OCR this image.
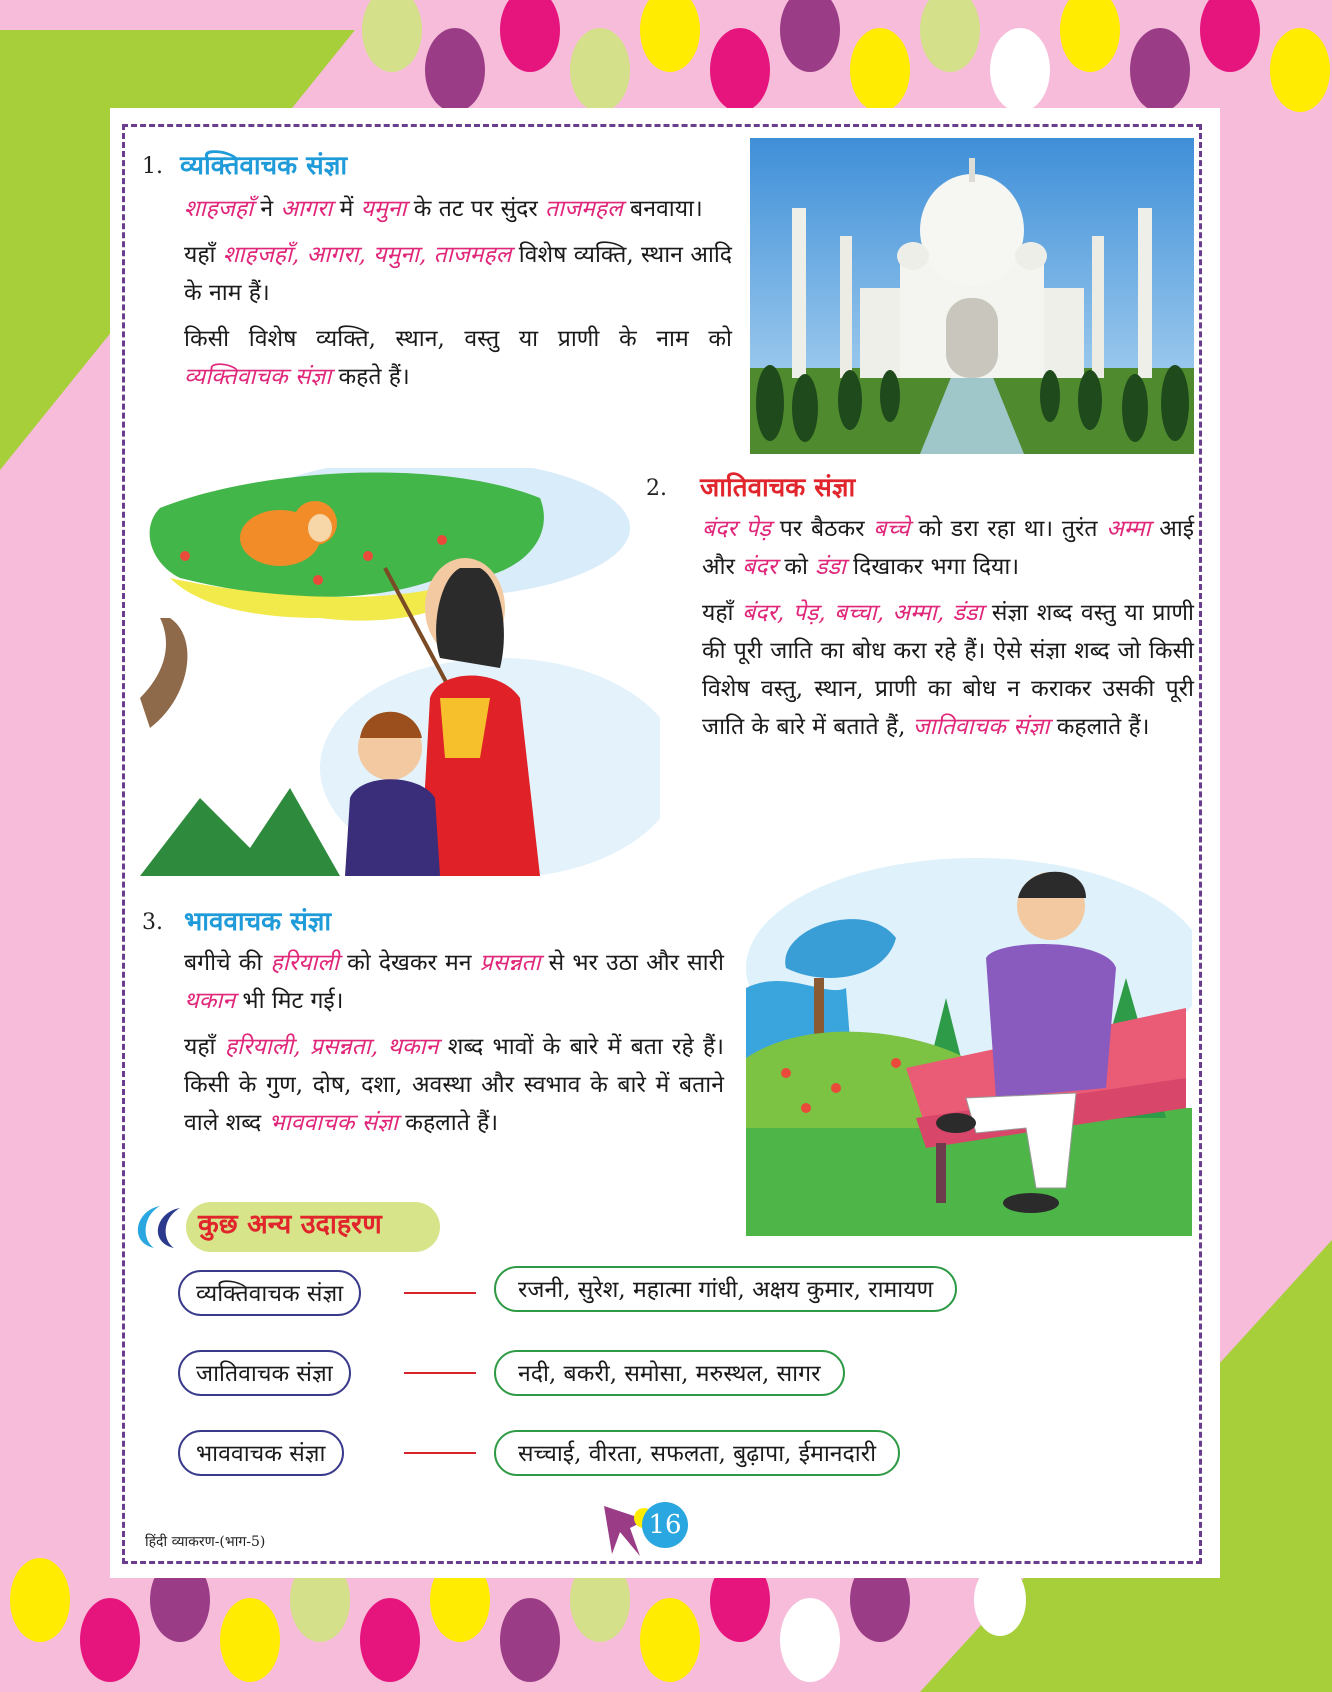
1. व्यक्तिवाचक संज्ञा

शाहजहाँ ने आगरा में यमुना के तट पर सुंदर ताजमहल बनवाया।

यहाँ शाहजहाँ, आगरा, यमुना, ताजमहल विशेष व्यक्ति, स्थान आदि के नाम हैं।

किसी विशेष व्यक्ति, स्थान, वस्तु या प्राणी के नाम को व्यक्तिवाचक संज्ञा कहते हैं।

2. जातिवाचक संज्ञा

बंदर पेड़ पर बैठकर बच्चे को डरा रहा था। तुरंत अम्मा आई और बंदर को डंडा दिखाकर भगा दिया।

यहाँ बंदर, पेड़, बच्चा, अम्मा, डंडा संज्ञा शब्द वस्तु या प्राणी की पूरी जाति का बोध करा रहे हैं। ऐसे संज्ञा शब्द जो किसी विशेष वस्तु, स्थान, प्राणी का बोध न कराकर उसकी पूरी जाति के बारे में बताते हैं, जातिवाचक संज्ञा कहलाते हैं।

3. भाववाचक संज्ञा

बगीचे की हरियाली को देखकर मन प्रसन्नता से भर उठा और सारी थकान भी मिट गई।

यहाँ हरियाली, प्रसन्नता, थकान शब्द भावों के बारे में बता रहे हैं। किसी के गुण, दोष, दशा, अवस्था और स्वभाव के बारे में बताने वाले शब्द भाववाचक संज्ञा कहलाते हैं।

कुछ अन्य उदाहरण
व्यक्तिवाचक संज्ञा	रजनी, सुरेश, महात्मा गांधी, अक्षय कुमार, रामायण
जातिवाचक संज्ञा	नदी, बकरी, समोसा, मरुस्थल, सागर
भाववाचक संज्ञा	सच्चाई, वीरता, सफलता, बुढ़ापा, ईमानदारी
हिंदी व्याकरण-(भाग-5)
16
